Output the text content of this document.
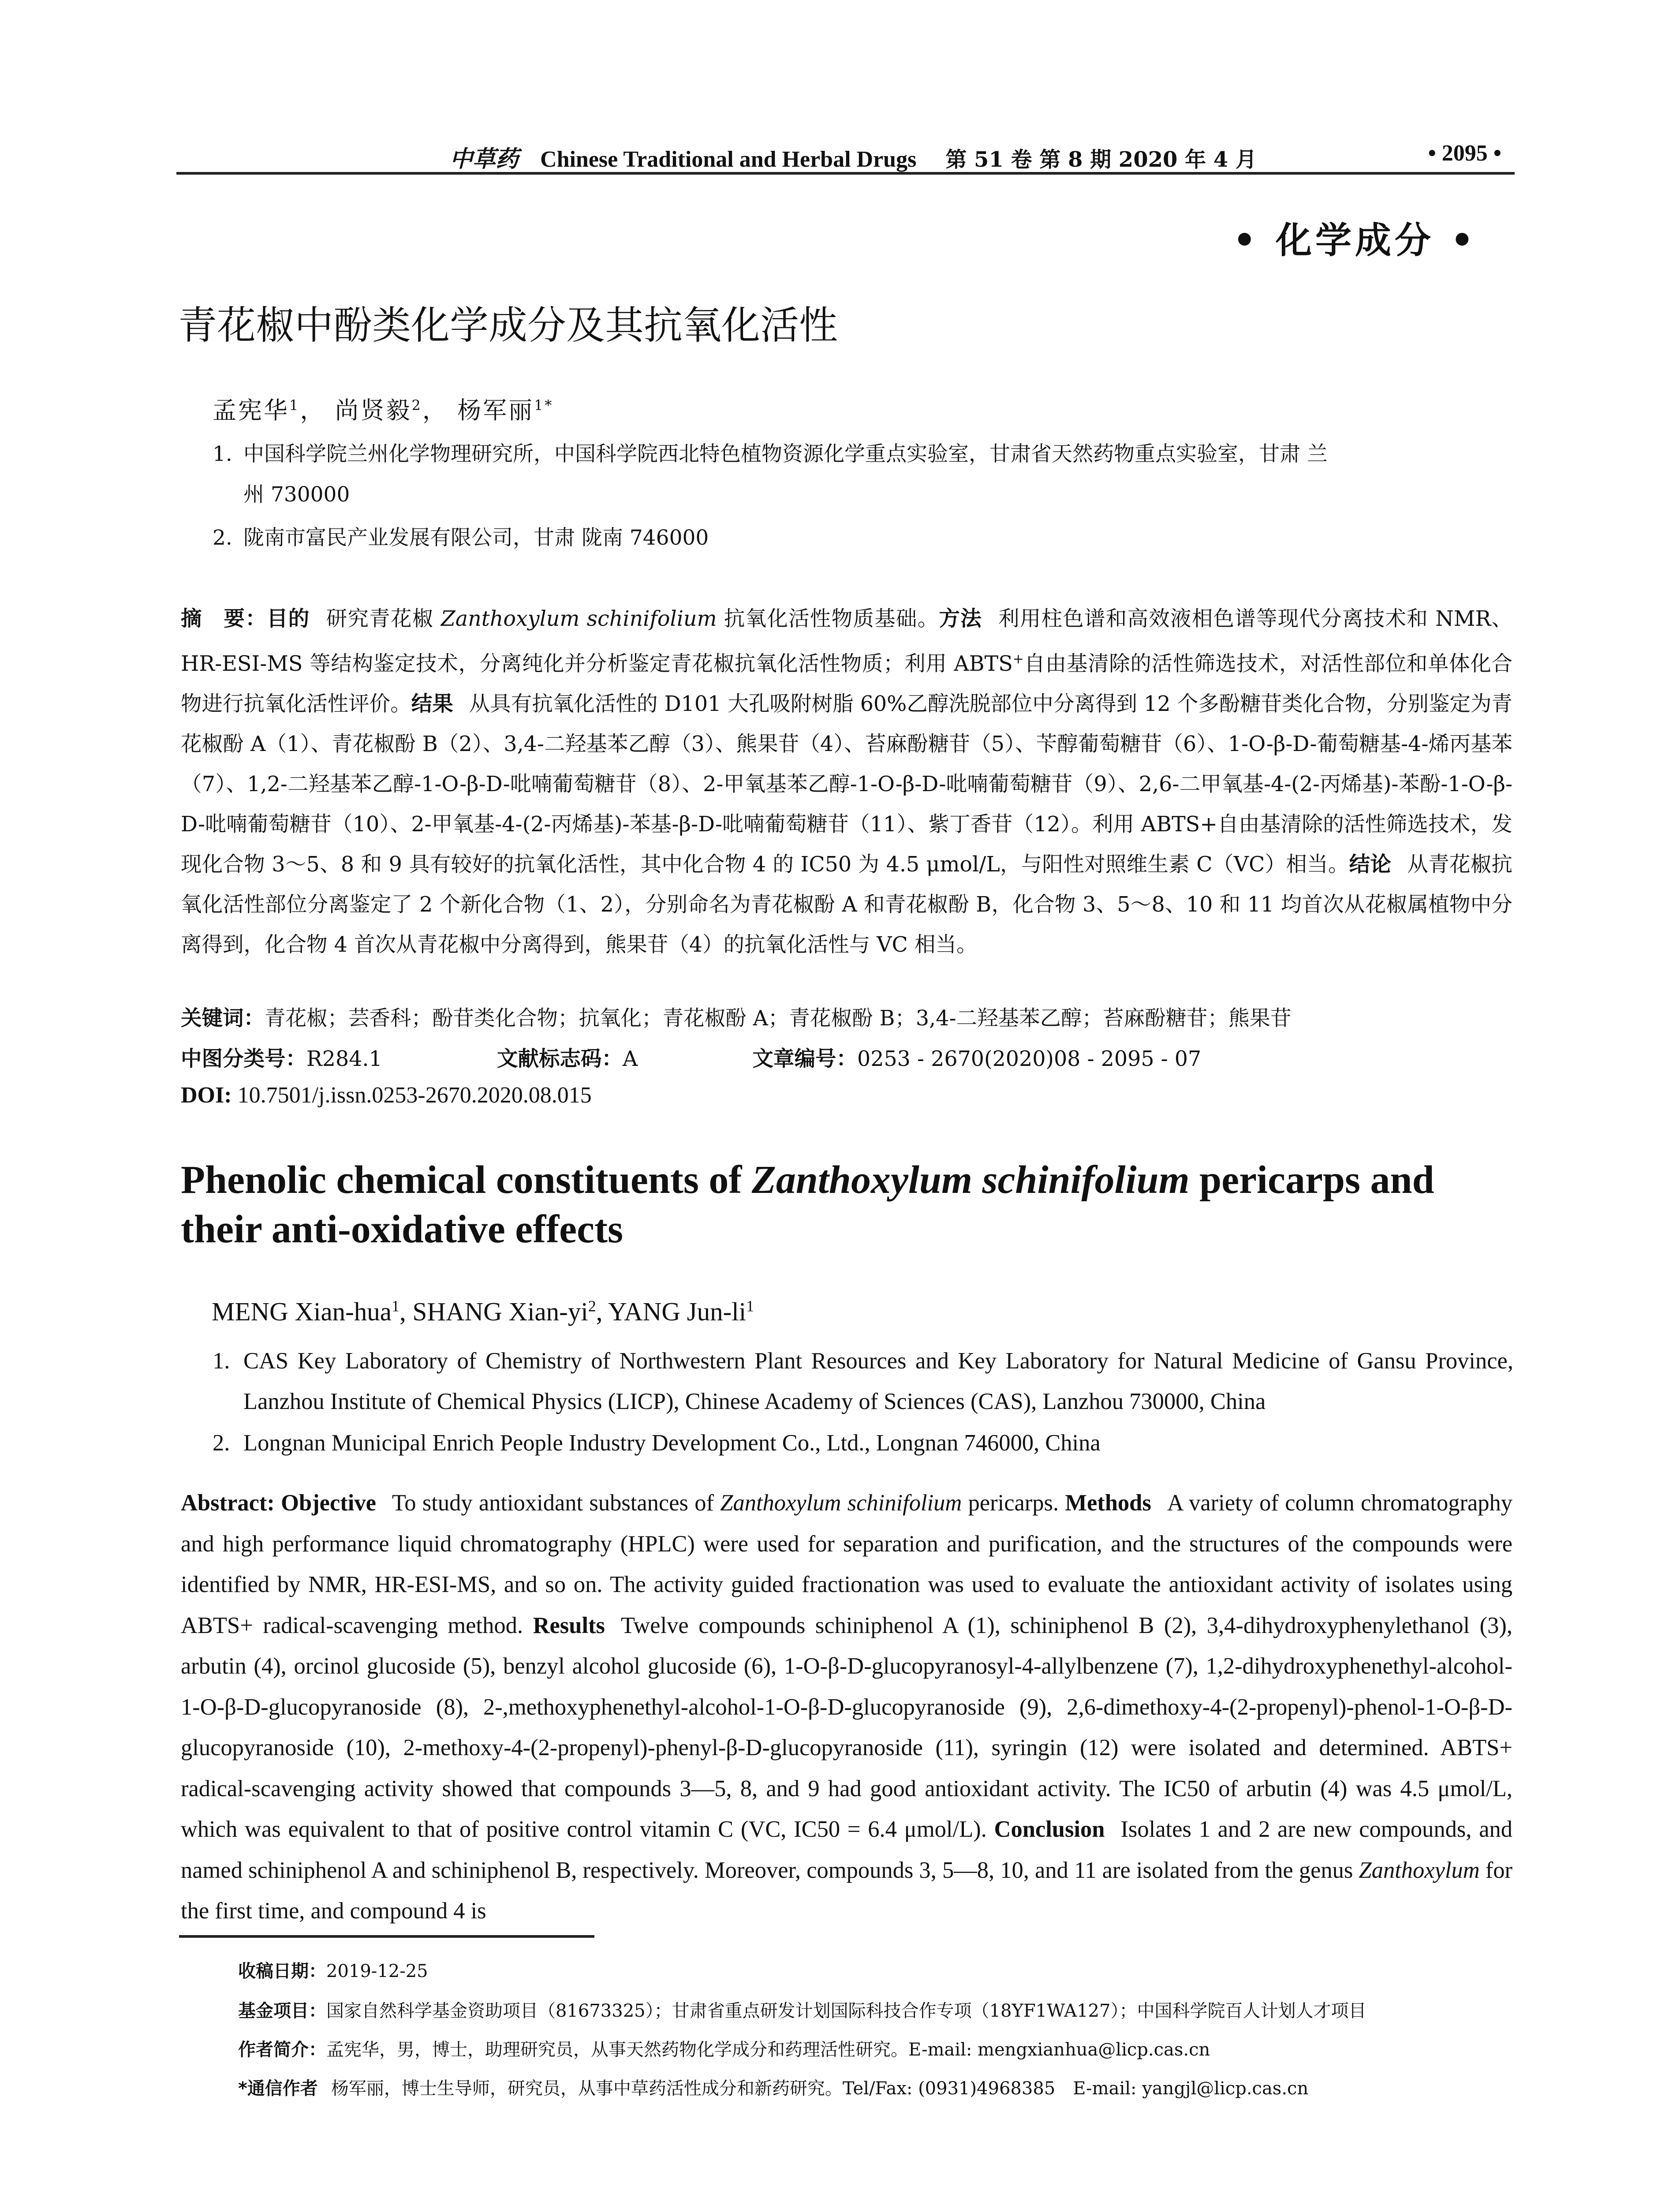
中草药 Chinese Traditional and Herbal Drugs 第 51 卷 第 8 期 2020 年 4 月	• 2095 •
• 化学成分 •
青花椒中酚类化学成分及其抗氧化活性
孟宪华$^1$， 尚贤毅$^2$， 杨军丽$^{1*}$
1. 中国科学院兰州化学物理研究所，中国科学院西北特色植物资源化学重点实验室，甘肃省天然药物重点实验室，甘肃 兰
州 730000
2. 陇南市富民产业发展有限公司，甘肃 陇南 746000
摘　要：目的 研究青花椒 Zanthoxylum schinifolium 抗氧化活性物质基础。方法 利用柱色谱和高效液相色谱等现代分离技术和 NMR、HR-ESI-MS 等结构鉴定技术，分离纯化并分析鉴定青花椒抗氧化活性物质；利用 ABTS+自由基清除的活性筛选技术，对活性部位和单体化合物进行抗氧化活性评价。结果 从具有抗氧化活性的 D101 大孔吸附树脂 60%乙醇洗脱部位中分离得到 12 个多酚糖苷类化合物，分别鉴定为青花椒酚 A（1）、青花椒酚 B（2）、3,4-二羟基苯乙醇（3）、熊果苷（4）、苔麻酚糖苷（5）、苄醇葡萄糖苷（6）、1-O-β-D-葡萄糖基-4-烯丙基苯（7）、1,2-二羟基苯乙醇-1-O-β-D-吡喃葡萄糖苷（8）、2-甲氧基苯乙醇-1-O-β-D-吡喃葡萄糖苷（9）、2,6-二甲氧基-4-(2-丙烯基)-苯酚-1-O-β-D-吡喃葡萄糖苷（10）、2-甲氧基-4-(2-丙烯基)-苯基-β-D-吡喃葡萄糖苷（11）、紫丁香苷（12）。利用 ABTS+自由基清除的活性筛选技术，发现化合物 3～5、8 和 9 具有较好的抗氧化活性，其中化合物 4 的 IC50 为 4.5 μmol/L，与阳性对照维生素 C（VC）相当。结论 从青花椒抗氧化活性部位分离鉴定了 2 个新化合物（1、2），分别命名为青花椒酚 A 和青花椒酚 B，化合物 3、5～8、10 和 11 均首次从花椒属植物中分离得到，化合物 4 首次从青花椒中分离得到，熊果苷（4）的抗氧化活性与 VC 相当。
关键词：青花椒；芸香科；酚苷类化合物；抗氧化；青花椒酚 A；青花椒酚 B；3,4-二羟基苯乙醇；苔麻酚糖苷；熊果苷
中图分类号：R284.1	文献标志码：A	文章编号：0253 - 2670(2020)08 - 2095 - 07
DOI: 10.7501/j.issn.0253-2670.2020.08.015
Phenolic chemical constituents of Zanthoxylum schinifolium pericarps and their anti-oxidative effects
MENG Xian-hua$^1$, SHANG Xian-$yi^2$, YANG Jun-$li^1$
1. CAS Key Laboratory of Chemistry of Northwestern Plant Resources and Key Laboratory for Natural Medicine of Gansu Province, Lanzhou Institute of Chemical Physics (LICP), Chinese Academy of Sciences (CAS), Lanzhou 730000, China
2. Longnan Municipal Enrich People Industry Development Co., Ltd., Longnan 746000, China
Abstract: Objective To study antioxidant substances of Zanthoxylum schinifolium pericarps. Methods A variety of column chromatography and high performance liquid chromatography (HPLC) were used for separation and purification, and the structures of the compounds were identified by NMR, HR-ESI-MS, and so on. The activity guided fractionation was used to evaluate the antioxidant activity of isolates using ABTS+ radical-scavenging method. Results Twelve compounds schiniphenol A (1), schiniphenol B (2), 3,4-dihydroxyphenylethanol (3), arbutin (4), orcinol glucoside (5), benzyl alcohol glucoside (6), 1-O-β-D-glucopyranosyl-4-allylbenzene (7), 1,2-dihydroxyphenethyl-alcohol-1-O-β-D-glucopyranoside (8), 2-,methoxyphenethyl-alcohol-1-O-β-D-glucopyranoside (9), 2,6-dimethoxy-4-(2-propenyl)-phenol-1-O-β-D-glucopyranoside (10), 2-methoxy-4-(2-propenyl)-phenyl-β-D-glucopyranoside (11), syringin (12) were isolated and determined. ABTS+ radical-scavenging activity showed that compounds 3—5, 8, and 9 had good antioxidant activity. The IC50 of arbutin (4) was 4.5 μmol/L, which was equivalent to that of positive control vitamin C (VC, IC50 = 6.4 μmol/L). Conclusion Isolates 1 and 2 are new compounds, and named schiniphenol A and schiniphenol B, respectively. Moreover, compounds 3, 5—8, 10, and 11 are isolated from the genus Zanthoxylum for the first time, and compound 4 is
收稿日期：2019-12-25
基金项目：国家自然科学基金资助项目（81673325）；甘肃省重点研发计划国际科技合作专项（18YF1WA127）；中国科学院百人计划人才项目
作者简介：孟宪华，男，博士，助理研究员，从事天然药物化学成分和药理活性研究。E-mail: mengxianhua@licp.cas.cn
*通信作者 杨军丽，博士生导师，研究员，从事中草药活性成分和新药研究。Tel/Fax: (0931)4968385　E-mail: yangjl@licp.cas.cn
